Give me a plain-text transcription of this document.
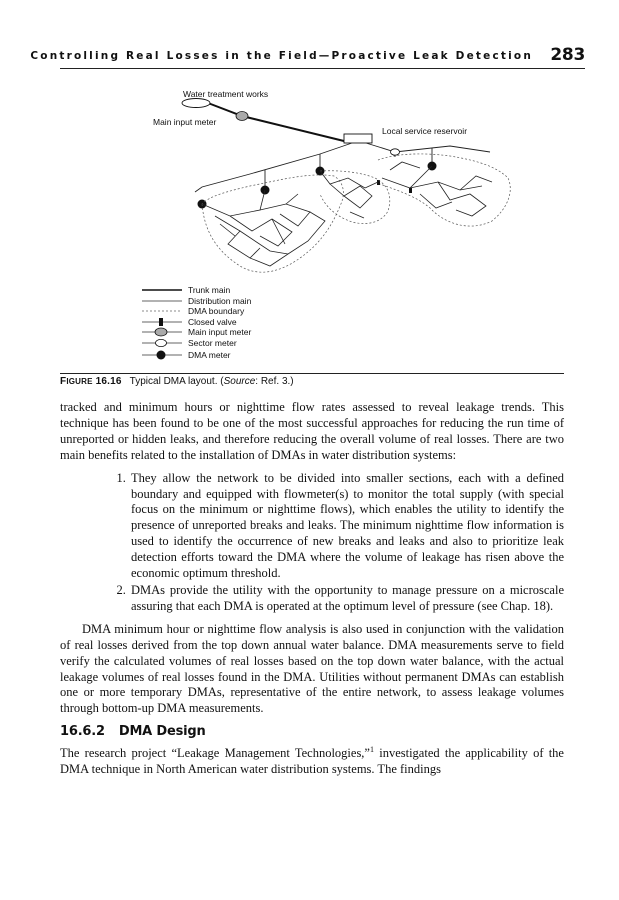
Controlling Real Losses in the Field—Proactive Leak Detection 283
Water treatment works
Main input meter
Local service reservoir
Trunk main
Distribution main
DMA boundary
Closed valve
Main input meter
Sector meter
DMA meter
FIGURE 16.16 Typical DMA layout. (Source: Ref. 3.)

tracked and minimum hours or nighttime flow rates assessed to reveal leakage trends. This technique has been found to be one of the most successful approaches for reducing the run time of unreported or hidden leaks, and therefore reducing the overall volume of real losses. There are two main benefits related to the installation of DMAs in water distribution systems:

1. They allow the network to be divided into smaller sections, each with a defined boundary and equipped with flowmeter(s) to monitor the total supply (with special focus on the minimum or nighttime flows), which enables the utility to identify the presence of unreported breaks and leaks. The minimum nighttime flow information is used to identify the occurrence of new breaks and leaks and also to prioritize leak detection efforts toward the DMA where the volume of leakage has risen above the economic optimum threshold.
2. DMAs provide the utility with the opportunity to manage pressure on a microscale assuring that each DMA is operated at the optimum level of pressure (see Chap. 18).

DMA minimum hour or nighttime flow analysis is also used in conjunction with the validation of real losses derived from the top down annual water balance. DMA measurements serve to field verify the calculated volumes of real losses based on the top down water balance, with the actual leakage volumes of real losses found in the DMA. Utilities without permanent DMAs can establish one or more temporary DMAs, representative of the entire network, to assess leakage volumes through bottom-up DMA measurements.

16.6.2 DMA Design

The research project “Leakage Management Technologies,”$^1$ investigated the applicability of the DMA technique in North American water distribution systems. The findings
